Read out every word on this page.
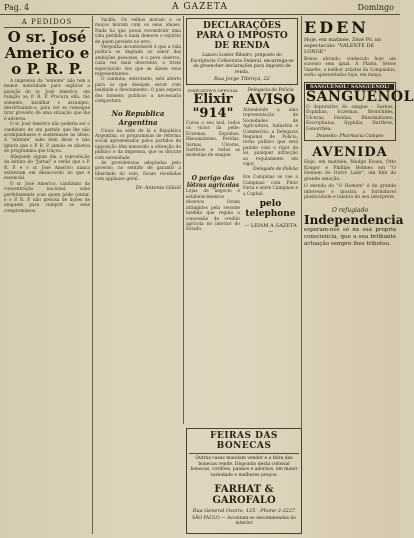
Pag. 4	A GAZETA	Domingo
A PEDIDOS
O sr. José Americo e o P. R. P.

A imprensa da "entente" não tem a menor autoridade para explicar a posição do sr. José Americo, em relação ao P. R. P. Procura ella, tão sómente, baralhar o assumpto, desvirtuando-o, para ver se consegue tirar proveito de uma situação que lhe é adversa.

O sr. José Americo não poderia ser o candidato de um partido que lhe não acompanhasse e sustentasse as idéas. A "entente" sabe bem disso e não ignora que o P. R. P. jamais se afastou do programma que traçou.

Alleguem algum dia a reprodução da leitura do "Jornal" e verão que o P. R. P. e o sr. José Americo nunca estiveram em desaccordo no que é essencial.

O sr. José Americo, candidato da concentração nacional, sabe perfeitamente com quem póde contar, e o P. R. P. não precisa de lições de ninguem para cumprir os seus compromissos.

Vacillo. Os velhos moram e os moços moram com os seus ideaes. Nada ha que possa reconstruir uma vida perdida e nada demove o espirito de quem persiste no erro.

Vergonha incontestavel é que a vida politica se degrada ao sabor das ambições pessoaes, e o povo observa, cada vez mais descrente, o triste espectaculo dos que se dizem seus representantes.

O caminho, entretanto, está aberto para os que desejam servir com lealdade e devotamento. O paiz espera dos homens publicos a necessaria compostura.

No Republica Argentina

Unica na sede de lá a Republica Argentina, os programmas de reforma social apresentados pelos partidos de opposição têm merecido a attenção do publico e da imprensa, que os discute com serenidade.

As providencias adoptadas pelo governo, no sentido de garantir a liberdade do voto, foram recebidas com applauso geral.

Dr. Antonio Gilioli
DECLARAÇÕES PARA O IMPOSTO DE RENDA
Lazaro Loster Ribeiro, preposto do Escriptorio Collectoria Federal, encarrega-se de preencher declarações para imposto de renda.
Rua Jorge Tibiriçá, 22
DISPOSITIVO OFFICIAL
Elixir "914"
Curas o seu mal, todos os vícios da pelle: Eczemas, Espinhas, Rheumatismo, Feridas, Sarnas, Ulceras, Darthros e todas as molestias do sangue.
Delegacia de Policia
AVISO
Attendendo a uma representação de Sociedades de Agricultura, Industria e Commercio, a Delegacia Regional de Policia, torna publico que será punido com o rigor da lei, qualquer infracção ao regulamento em vigor.
Delegado de Policia
O perigo das lôtras agricolas
Lojas de negocio e estabelecimentos diversos foram attingidos pela recente medida que regula a concessão de credito agricola no interior do Estado.
Em Campinas se vae a Campinas com Pinto Faria e entre Campinas e a Capital.
pelo telephone
— LEIAM A GAZETA —
FEIRAS DAS BONECAS
Outras casas mandam vender e a feira das bonecas vende. Dispondo desta colossal bonecas, cordões, pannos e adornos, em maior variedade e melhores preços.
FARHAT & GAROFALO
Rua General Osorio, 125 - Phone 3-3227
SÃO PAULO — Acceitam-se encommendas do interior
EDEN
Hoje, em matinée, Zézé Pó, no espectaculo: "VALENTE DE LONGE"
Bonzo abrindo, conhecido hoje um sucesso sem igual. A Platéa, Séries Vanette, a melhor artistas da Companhia, serão apresentados hoje, em dança.
SANGUENOL! SANGUENOL!
SANGUENOL
O depurativo do sangue - Sarnas, Espinhas, Eczemas, Bronchites, Ulceras, Feridas, Rheumatismo, Escrophulas, Syphilis, Darthros, Gonorrhéa.
Deposito: Pharmacia Campos
AVENIDA
Hoje, em matinée, Madge Evans, Otto Kruger e Phillips Holmes em "O Homem do Outro Lado", um film de grande emoção.
O enredo do "O Homem" é de grande interesse e mostra a formidavel plasticidade e talento do seu interprete.
O refugiado
Independencia
esperam-nos só na sua propria consciencia, que a sua brilhante actuação sempre lhes tributou.
